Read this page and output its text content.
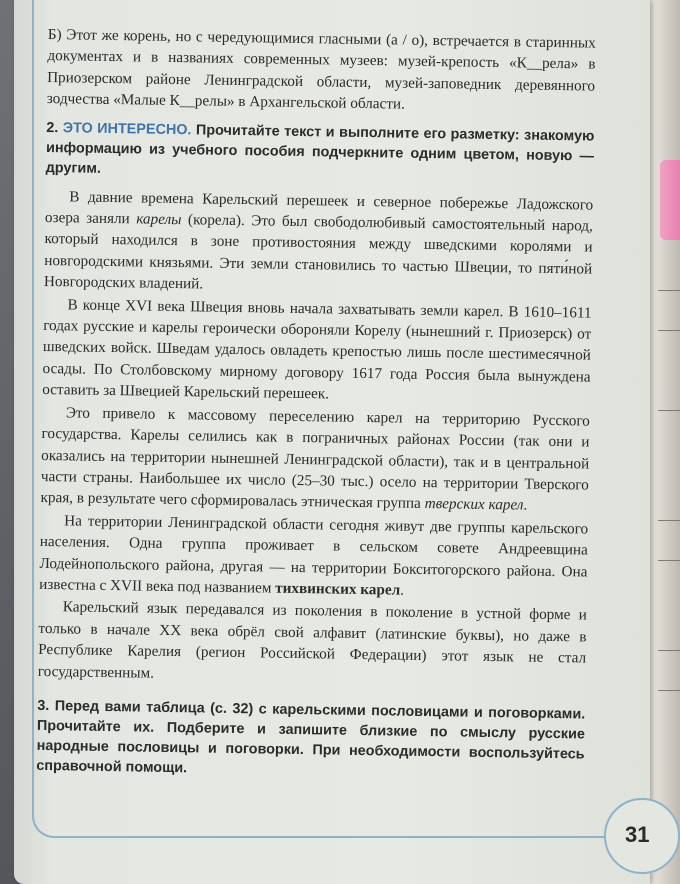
Б) Этот же корень, но с чередующимися гласными (а / о), встречается в старинных документах и в названиях современных музеев: музей-крепость «К__рела» в Приозерском районе Ленинградской области, музей-заповедник деревянного зодчества «Малые К__релы» в Архангельской области.

2. ЭТО ИНТЕРЕСНО. Прочитайте текст и выполните его разметку: знакомую информацию из учебного пособия подчеркните одним цветом, новую — другим.

В давние времена Карельский перешеек и северное побережье Ладожского озера заняли карелы (корела). Это был свободолюбивый самостоятельный народ, который находился в зоне противостояния между шведскими королями и новгородскими князьями. Эти земли становились то частью Швеции, то пяти́ной Новгородских владений.

В конце XVI века Швеция вновь начала захватывать земли карел. В 1610–1611 годах русские и карелы героически обороняли Корелу (нынешний г. Приозерск) от шведских войск. Шведам удалось овладеть крепостью лишь после шестимесячной осады. По Столбовскому мирному договору 1617 года Россия была вынуждена оставить за Швецией Карельский перешеек.

Это привело к массовому переселению карел на территорию Русского государства. Карелы селились как в пограничных районах России (так они и оказались на территории нынешней Ленинградской области), так и в центральной части страны. Наибольшее их число (25–30 тыс.) осело на территории Тверского края, в результате чего сформировалась этническая группа тверских карел.

На территории Ленинградской области сегодня живут две группы карельского населения. Одна группа проживает в сельском совете Андреевщина Лодейнопольского района, другая — на территории Бокситогорского района. Она известна с XVII века под названием тихвинских карел.

Карельский язык передавался из поколения в поколение в устной форме и только в начале XX века обрёл свой алфавит (латинские буквы), но даже в Республике Карелия (регион Российской Федерации) этот язык не стал государственным.

3. Перед вами таблица (с. 32) с карельскими пословицами и поговорками. Прочитайте их. Подберите и запишите близкие по смыслу русские народные пословицы и поговорки. При необходимости воспользуйтесь справочной помощи.

31
